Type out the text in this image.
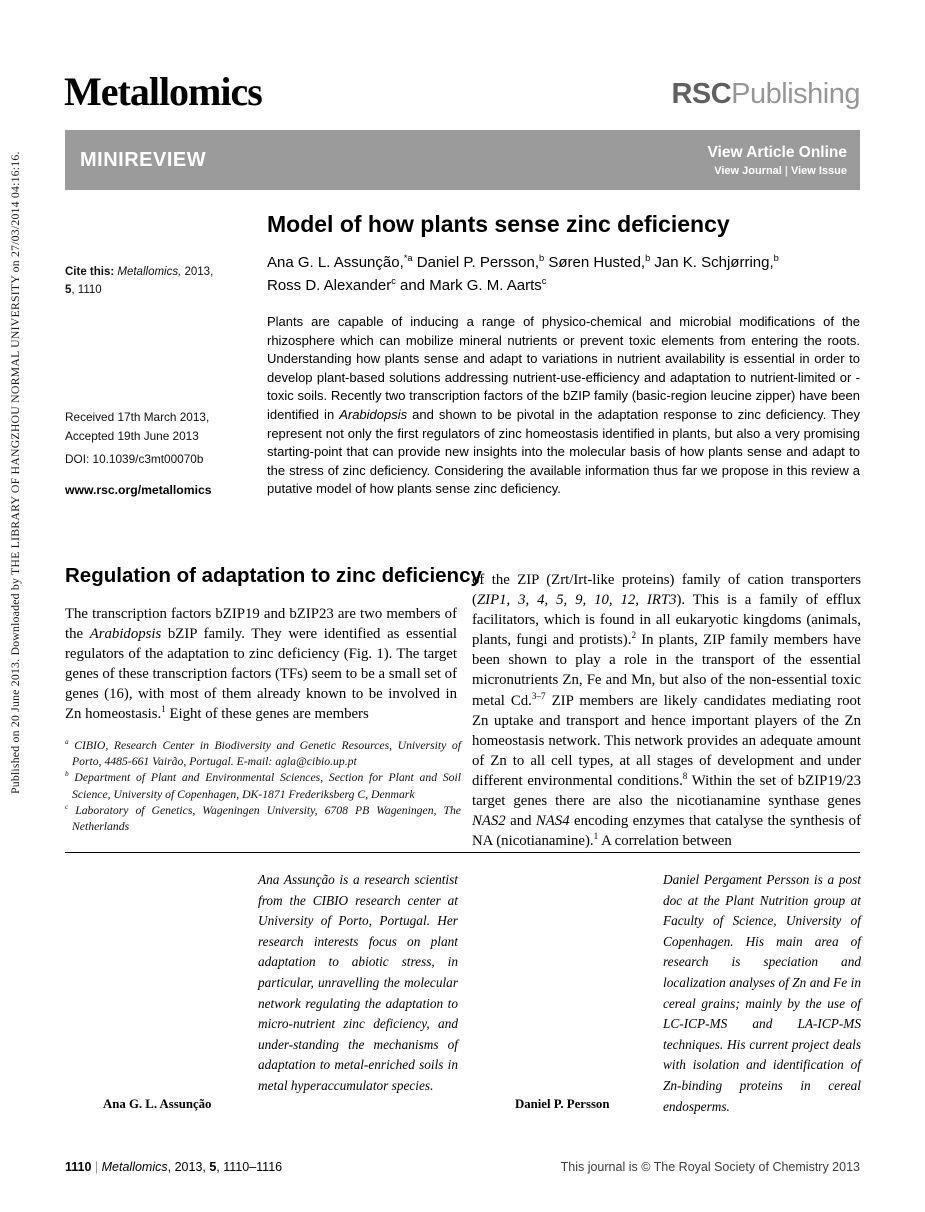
Published on 20 June 2013. Downloaded by THE LIBRARY OF HANGZHOU NORMAL UNIVERSITY on 27/03/2014 04:16:16.
Metallomics	RSCPublishing
MINIREVIEW	View Article Online
View Journal | View Issue
Model of how plants sense zinc deficiency
Cite this: Metallomics, 2013,
5, 1110
Ana G. L. Assunção,$^{*a}$ Daniel P. Persson,$^b$ Søren Husted,$^b$ Jan K. Schjørring,$^b$
Ross D. Alexander$^c$ and Mark G. M. Aarts$^c$

Plants are capable of inducing a range of physico-chemical and microbial modifications of the rhizosphere which can mobilize mineral nutrients or prevent toxic elements from entering the roots. Understanding how plants sense and adapt to variations in nutrient availability is essential in order to develop plant-based solutions addressing nutrient-use-efficiency and adaptation to nutrient-limited or -toxic soils. Recently two transcription factors of the bZIP family (basic-region leucine zipper) have been identified in Arabidopsis and shown to be pivotal in the adaptation response to zinc deficiency. They represent not only the first regulators of zinc homeostasis identified in plants, but also a very promising starting-point that can provide new insights into the molecular basis of how plants sense and adapt to the stress of zinc deficiency. Considering the available information thus far we propose in this review a putative model of how plants sense zinc deficiency.

Received 17th March 2013,
Accepted 19th June 2013
DOI: 10.1039/c3mt00070b
www.rsc.org/metallomics
Regulation of adaptation to zinc deficiency

The transcription factors bZIP19 and bZIP23 are two members of the Arabidopsis bZIP family. They were identified as essential regulators of the adaptation to zinc deficiency (Fig. 1). The target genes of these transcription factors (TFs) seem to be a small set of genes (16), with most of them already known to be involved in Zn homeostasis.$^1$ Eight of these genes are members

of the ZIP (Zrt/Irt-like proteins) family of cation transporters (ZIP1, 3, 4, 5, 9, 10, 12, IRT3). This is a family of efflux facilitators, which is found in all eukaryotic kingdoms (animals, plants, fungi and protists).$^2$ In plants, ZIP family members have been shown to play a role in the transport of the essential micronutrients Zn, Fe and Mn, but also of the non-essential toxic metal Cd.$^{3-7}$ ZIP members are likely candidates mediating root Zn uptake and transport and hence important players of the Zn homeostasis network. This network provides an adequate amount of Zn to all cell types, at all stages of development and under different environmental conditions.$^8$ Within the set of bZIP19/23 target genes there are also the nicotianamine synthase genes NAS2 and NAS4 encoding enzymes that catalyse the synthesis of NA (nicotianamine).$^1$ A correlation between

$^a$ CIBIO, Research Center in Biodiversity and Genetic Resources, University of Porto, 4485-661 Vairão, Portugal. E-mail: agla@cibio.up.pt
$^b$ Department of Plant and Environmental Sciences, Section for Plant and Soil Science, University of Copenhagen, DK-1871 Frederiksberg C, Denmark
$^c$ Laboratory of Genetics, Wageningen University, 6708 PB Wageningen, The Netherlands

Ana Assunção is a research scientist from the CIBIO research center at University of Porto, Portugal. Her research interests focus on plant adaptation to abiotic stress, in particular, unravelling the molecular network regulating the adaptation to micro-nutrient zinc deficiency, and under-standing the mechanisms of adaptation to metal-enriched soils in metal hyperaccumulator species.

Ana G. L. Assunção

Daniel Pergament Persson is a post doc at the Plant Nutrition group at Faculty of Science, University of Copenhagen. His main area of research is speciation and localization analyses of Zn and Fe in cereal grains; mainly by the use of LC-ICP-MS and LA-ICP-MS techniques. His current project deals with isolation and identification of Zn-binding proteins in cereal endosperms.

Daniel P. Persson
1110 | Metallomics, 2013, 5, 1110–1116	This journal is © The Royal Society of Chemistry 2013
